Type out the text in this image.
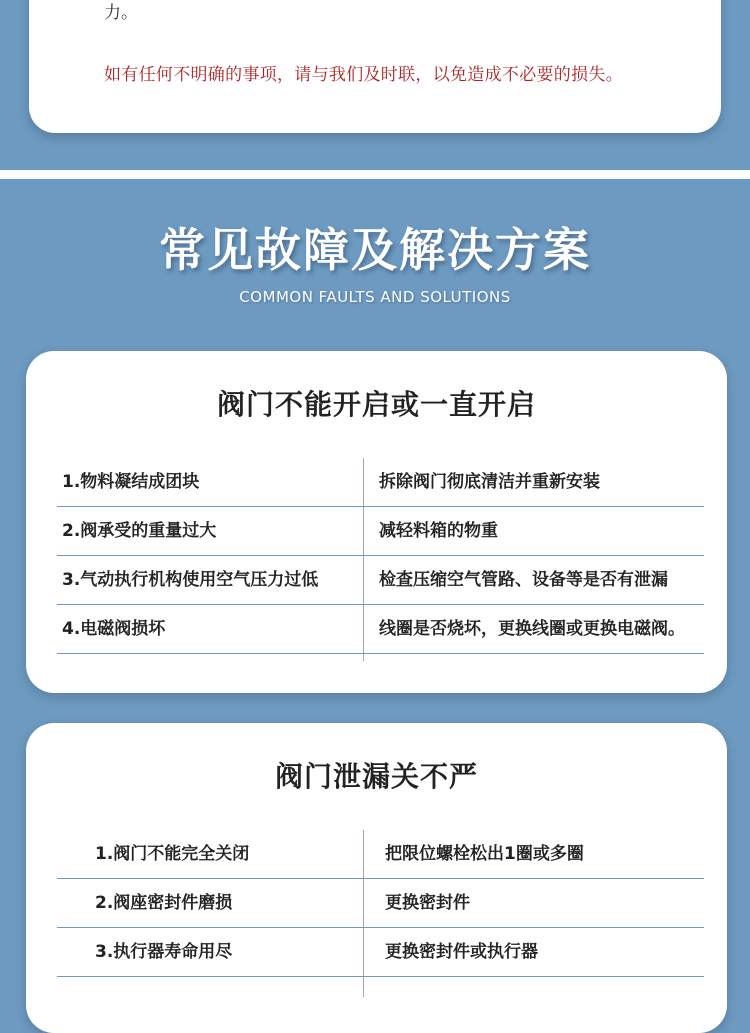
力。
如有任何不明确的事项，请与我们及时联，以免造成不必要的损失。
常见故障及解决方案
COMMON FAULTS AND SOLUTIONS
阀门不能开启或一直开启
1.物料凝结成团块	拆除阀门彻底清洁并重新安装
2.阀承受的重量过大	减轻料箱的物重
3.气动执行机构使用空气压力过低	检查压缩空气管路、设备等是否有泄漏
4.电磁阀损坏	线圈是否烧坏，更换线圈或更换电磁阀。
阀门泄漏关不严
1.阀门不能完全关闭	把限位螺栓松出1圈或多圈
2.阀座密封件磨损	更换密封件
3.执行器寿命用尽	更换密封件或执行器
